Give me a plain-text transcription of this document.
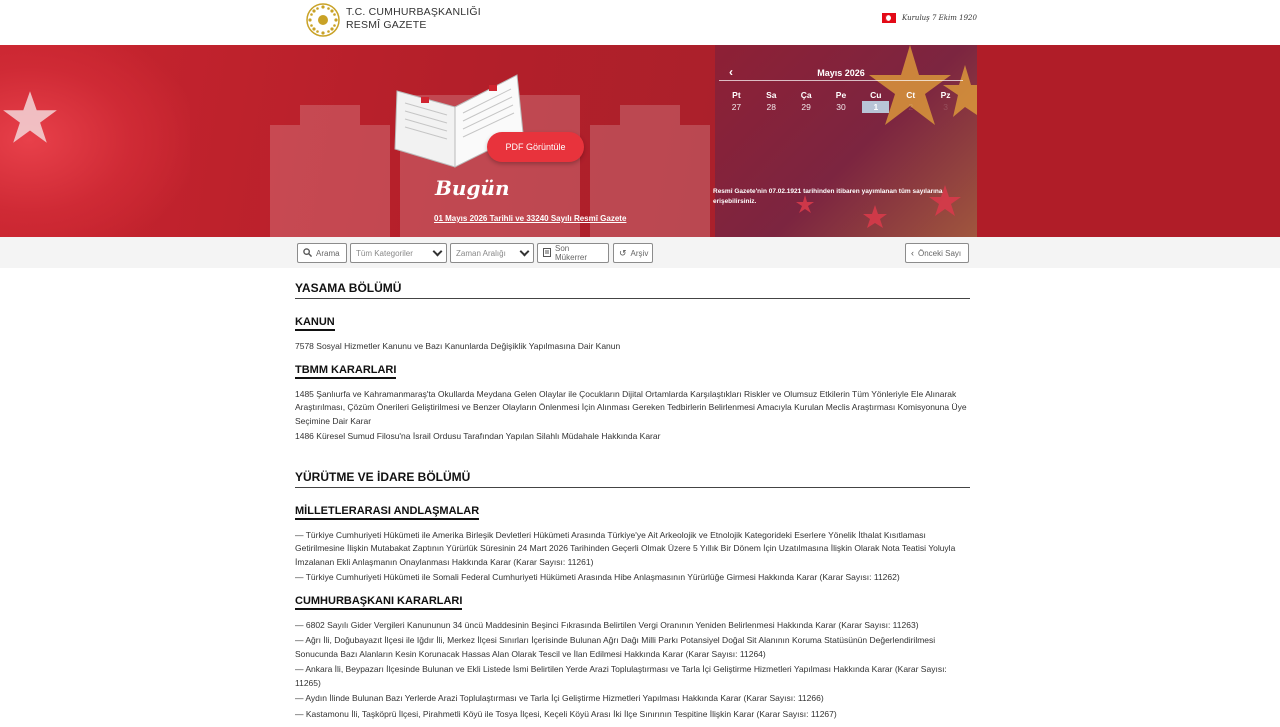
T.C. CUMHURBAŞKANLIĞI
RESMÎ GAZETE
Kuruluş 7 Ekim 1920
PDF Görüntüle
Bugün
01 Mayıs 2026 Tarihli ve 33240 Sayılı Resmî Gazete
‹	Mayıs 2026
Pt	Sa	Ça	Pe	Cu	Ct	Pz
27	28	29	30	1	2	3
Resmî Gazete'nin 07.02.1921 tarihinden itibaren yayımlanan tüm sayılarına erişebilirsiniz.
Arama Tüm Kategoriler	Zaman Aralığı	Son Mükerrer	↺ Arşiv	‹ Önceki Sayı
YASAMA BÖLÜMÜ
KANUN
7578 Sosyal Hizmetler Kanunu ve Bazı Kanunlarda Değişiklik Yapılmasına Dair Kanun
TBMM KARARLARI
1485 Şanlıurfa ve Kahramanmaraş'ta Okullarda Meydana Gelen Olaylar ile Çocukların Dijital Ortamlarda Karşılaştıkları Riskler ve Olumsuz Etkilerin Tüm Yönleriyle Ele Alınarak Araştırılması, Çözüm Önerileri Geliştirilmesi ve Benzer Olayların Önlenmesi İçin Alınması Gereken Tedbirlerin Belirlenmesi Amacıyla Kurulan Meclis Araştırması Komisyonuna Üye Seçimine Dair Karar
1486 Küresel Sumud Filosu'na İsrail Ordusu Tarafından Yapılan Silahlı Müdahale Hakkında Karar
YÜRÜTME VE İDARE BÖLÜMÜ
MİLLETLERARASI ANDLAŞMALAR
— Türkiye Cumhuriyeti Hükümeti ile Amerika Birleşik Devletleri Hükümeti Arasında Türkiye'ye Ait Arkeolojik ve Etnolojik Kategorideki Eserlere Yönelik İthalat Kısıtlaması Getirilmesine İlişkin Mutabakat Zaptının Yürürlük Süresinin 24 Mart 2026 Tarihinden Geçerli Olmak Üzere 5 Yıllık Bir Dönem İçin Uzatılmasına İlişkin Olarak Nota Teatisi Yoluyla İmzalanan Ekli Anlaşmanın Onaylanması Hakkında Karar (Karar Sayısı: 11261)
— Türkiye Cumhuriyeti Hükümeti ile Somali Federal Cumhuriyeti Hükümeti Arasında Hibe Anlaşmasının Yürürlüğe Girmesi Hakkında Karar (Karar Sayısı: 11262)
CUMHURBAŞKANI KARARLARI
— 6802 Sayılı Gider Vergileri Kanununun 34 üncü Maddesinin Beşinci Fıkrasında Belirtilen Vergi Oranının Yeniden Belirlenmesi Hakkında Karar (Karar Sayısı: 11263)
— Ağrı İli, Doğubayazıt İlçesi ile Iğdır İli, Merkez İlçesi Sınırları İçerisinde Bulunan Ağrı Dağı Milli Parkı Potansiyel Doğal Sit Alanının Koruma Statüsünün Değerlendirilmesi Sonucunda Bazı Alanların Kesin Korunacak Hassas Alan Olarak Tescil ve İlan Edilmesi Hakkında Karar (Karar Sayısı: 11264)
— Ankara İli, Beypazarı İlçesinde Bulunan ve Ekli Listede İsmi Belirtilen Yerde Arazi Toplulaştırması ve Tarla İçi Geliştirme Hizmetleri Yapılması Hakkında Karar (Karar Sayısı: 11265)
— Aydın İlinde Bulunan Bazı Yerlerde Arazi Toplulaştırması ve Tarla İçi Geliştirme Hizmetleri Yapılması Hakkında Karar (Karar Sayısı: 11266)
— Kastamonu İli, Taşköprü İlçesi, Pirahmetli Köyü ile Tosya İlçesi, Keçeli Köyü Arası İki İlçe Sınırının Tespitine İlişkin Karar (Karar Sayısı: 11267)
